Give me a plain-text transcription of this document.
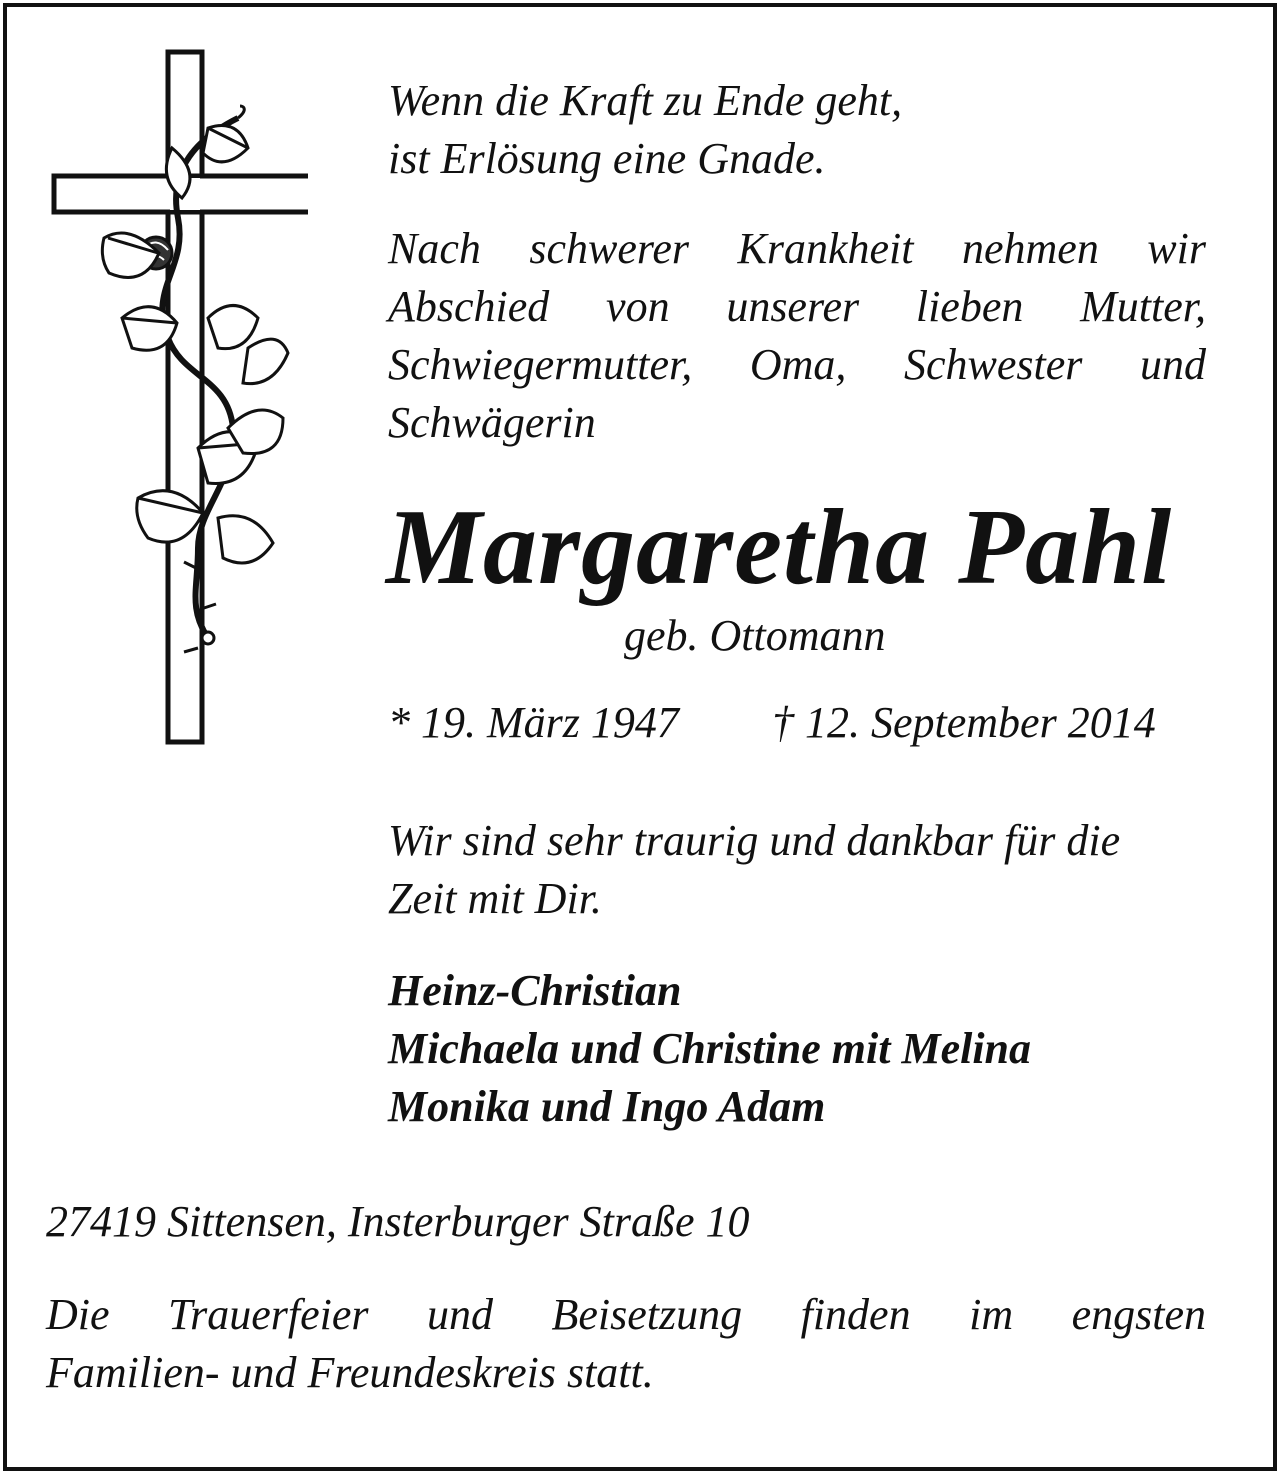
Wenn die Kraft zu Ende geht,
ist Erlösung eine Gnade.
Nach schwerer Krankheit nehmen wir
Abschied von unserer lieben Mutter,
Schwiegermutter, Oma, Schwester und
Schwägerin
Margaretha Pahl
geb. Ottomann
* 19. März 1947 † 12. September 2014
Wir sind sehr traurig und dankbar für die
Zeit mit Dir.
Heinz-Christian
Michaela und Christine mit Melina
Monika und Ingo Adam
27419 Sittensen, Insterburger Straße 10
Die Trauerfeier und Beisetzung finden im engsten
Familien- und Freundeskreis statt.
